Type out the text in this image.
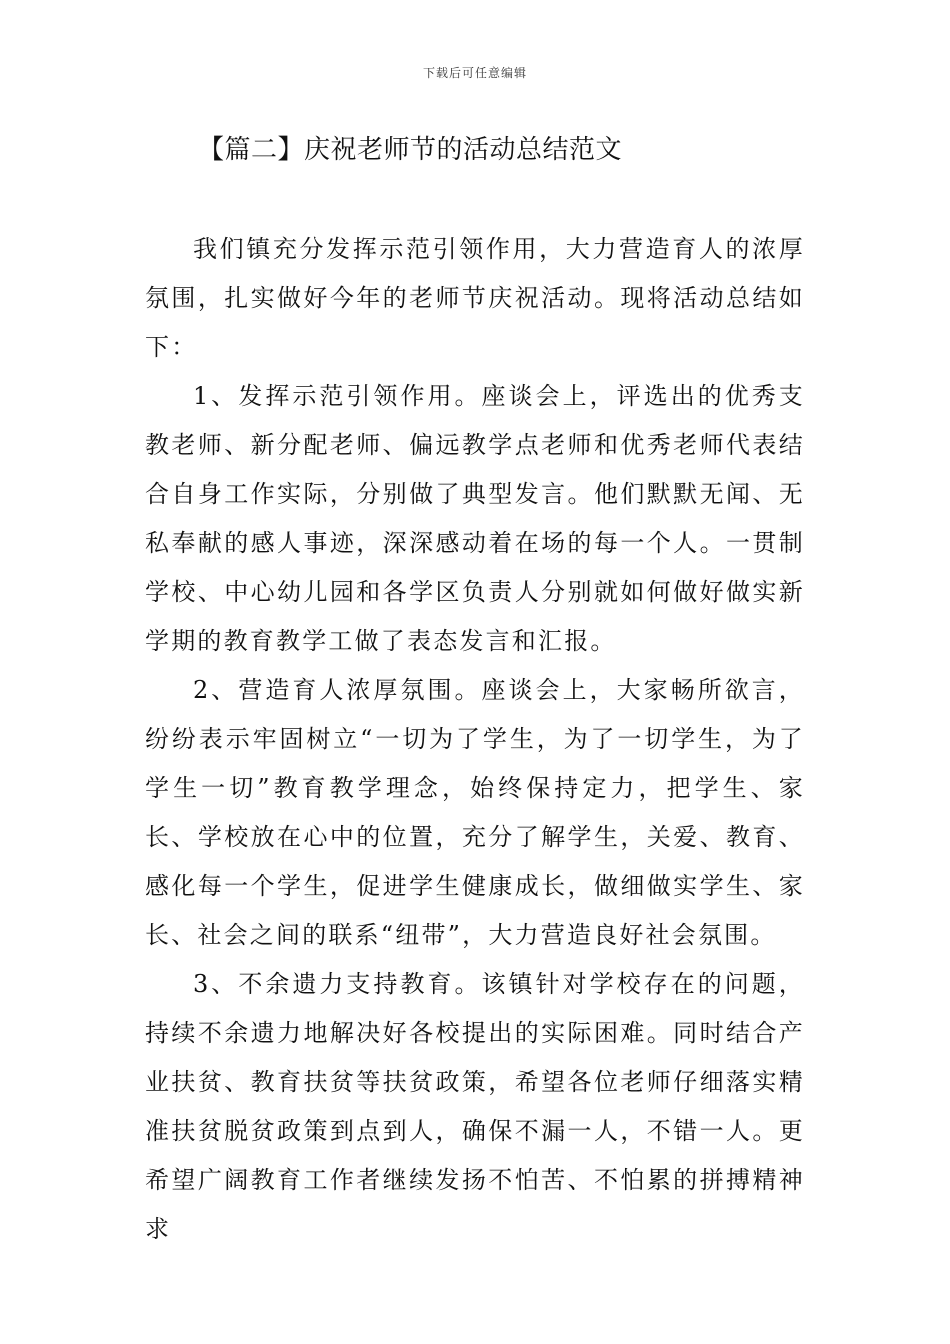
下载后可任意编辑
【篇二】庆祝老师节的活动总结范文

我们镇充分发挥示范引领作用，大力营造育人的浓厚氛围，扎实做好今年的老师节庆祝活动。现将活动总结如下：

1、发挥示范引领作用。座谈会上，评选出的优秀支教老师、新分配老师、偏远教学点老师和优秀老师代表结合自身工作实际，分别做了典型发言。他们默默无闻、无私奉献的感人事迹，深深感动着在场的每一个人。一贯制学校、中心幼儿园和各学区负责人分别就如何做好做实新学期的教育教学工做了表态发言和汇报。

2、营造育人浓厚氛围。座谈会上，大家畅所欲言，纷纷表示牢固树立“一切为了学生，为了一切学生，为了学生一切”教育教学理念，始终保持定力，把学生、家长、学校放在心中的位置，充分了解学生，关爱、教育、感化每一个学生，促进学生健康成长，做细做实学生、家长、社会之间的联系“纽带”，大力营造良好社会氛围。

3、不余遗力支持教育。该镇针对学校存在的问题，持续不余遗力地解决好各校提出的实际困难。同时结合产业扶贫、教育扶贫等扶贫政策，希望各位老师仔细落实精准扶贫脱贫政策到点到人，确保不漏一人，不错一人。更希望广阔教育工作者继续发扬不怕苦、不怕累的拼搏精神求
